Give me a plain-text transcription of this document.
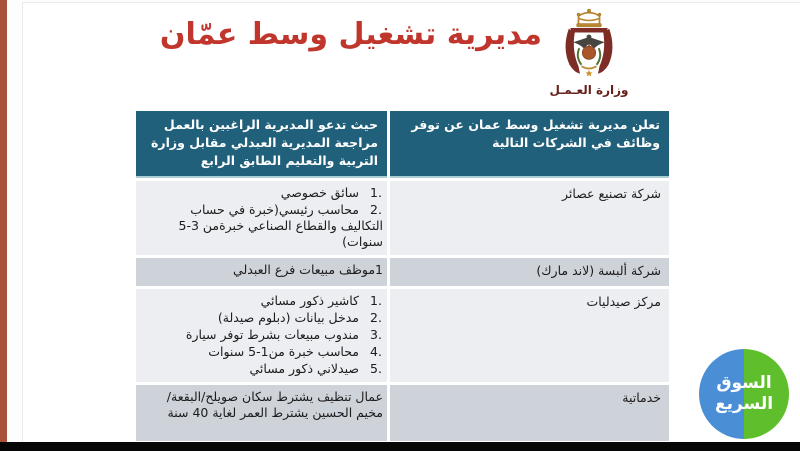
مديرية تشغيل وسط عمّان
وزارة العـمـل
تعلن مديرية تشغيل وسط عمان عن توفر وظائف في الشركات التالية
حيث تدعو المديرية الراغبين بالعمل مراجعة المديرية العبدلي مقابل وزارة التربية والتعليم الطابق الرابع
شركة تصنيع عصائر
1.سائق خصوصي
2.محاسب رئيسي(خبرة في حساب التكاليف والقطاع الصناعي خبرةمن 3-5 سنوات)
شركة ألبسة (لاند مارك)
1موظف مبيعات فرع العبدلي
مركز صيدليات
1.كاشير ذكور مسائي
2.مدخل بيانات (دبلوم صيدلة)
3.مندوب مبيعات بشرط توفر سيارة
4.محاسب خبرة من1-5 سنوات
5.صيدلاني ذكور مسائي
خدماتية
عمال تنظيف يشترط سكان صويلح/البقعة/مخيم الحسين يشترط العمر لغاية 40 سنة
السوق
السريع
